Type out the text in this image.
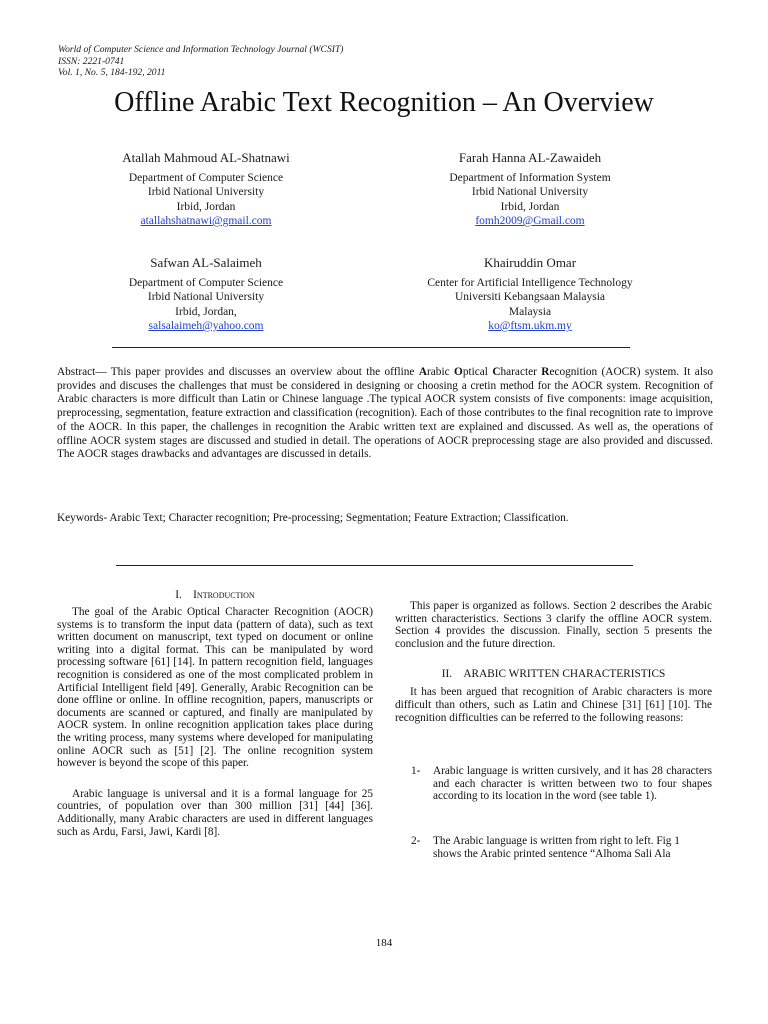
World of Computer Science and Information Technology Journal (WCSIT)
ISSN: 2221-0741
Vol. 1, No. 5, 184-192, 2011
Offline Arabic Text Recognition – An Overview
Atallah Mahmoud AL-Shatnawi
Department of Computer Science
Irbid National University
Irbid, Jordan
atallahshatnawi@gmail.com
Farah Hanna AL-Zawaideh
Department of Information System
Irbid National University
Irbid, Jordan
fomh2009@Gmail.com
Safwan AL-Salaimeh
Department of Computer Science
Irbid National University
Irbid, Jordan,
salsalaimeh@yahoo.com
Khairuddin Omar
Center for Artificial Intelligence Technology
Universiti Kebangsaan Malaysia
Malaysia
ko@ftsm.ukm.my
Abstract— This paper provides and discusses an overview about the offline Arabic Optical Character Recognition (AOCR) system. It also provides and discuses the challenges that must be considered in designing or choosing a cretin method for the AOCR system. Recognition of Arabic characters is more difficult than Latin or Chinese language .The typical AOCR system consists of five components: image acquisition, preprocessing, segmentation, feature extraction and classification (recognition). Each of those contributes to the final recognition rate to improve of the AOCR. In this paper, the challenges in recognition the Arabic written text are explained and discussed. As well as, the operations of offline AOCR system stages are discussed and studied in detail. The operations of AOCR preprocessing stage are also provided and discussed. The AOCR stages drawbacks and advantages are discussed in details.
Keywords- Arabic Text; Character recognition; Pre-processing; Segmentation; Feature Extraction; Classification.
I. Introduction

The goal of the Arabic Optical Character Recognition (AOCR) systems is to transform the input data (pattern of data), such as text written document on manuscript, text typed on document or online writing into a digital format. This can be manipulated by word processing software [61] [14]. In pattern recognition field, languages recognition is considered as one of the most complicated problem in Artificial Intelligent field [49]. Generally, Arabic Recognition can be done offline or online. In offline recognition, papers, manuscripts or documents are scanned or captured, and finally are manipulated by AOCR system. In online recognition application takes place during the writing process, many systems where developed for manipulating online AOCR such as [51] [2]. The online recognition system however is beyond the scope of this paper.

Arabic language is universal and it is a formal language for 25 countries, of population over than 300 million [31] [44] [36]. Additionally, many Arabic characters are used in different languages such as Ardu, Farsi, Jawi, Kardi [8].

This paper is organized as follows. Section 2 describes the Arabic written characteristics. Sections 3 clarify the offline AOCR system. Section 4 provides the discussion. Finally, section 5 presents the conclusion and the future direction.

II. ARABIC WRITTEN CHARACTERISTICS

It has been argued that recognition of Arabic characters is more difficult than others, such as Latin and Chinese [31] [61] [10]. The recognition difficulties can be referred to the following reasons:

1-	Arabic language is written cursively, and it has 28 characters and each character is written between two to four shapes according to its location in the word (see table 1).
2-	The Arabic language is written from right to left. Fig 1
shows the Arabic printed sentence “Alhoma Sali Ala
184
